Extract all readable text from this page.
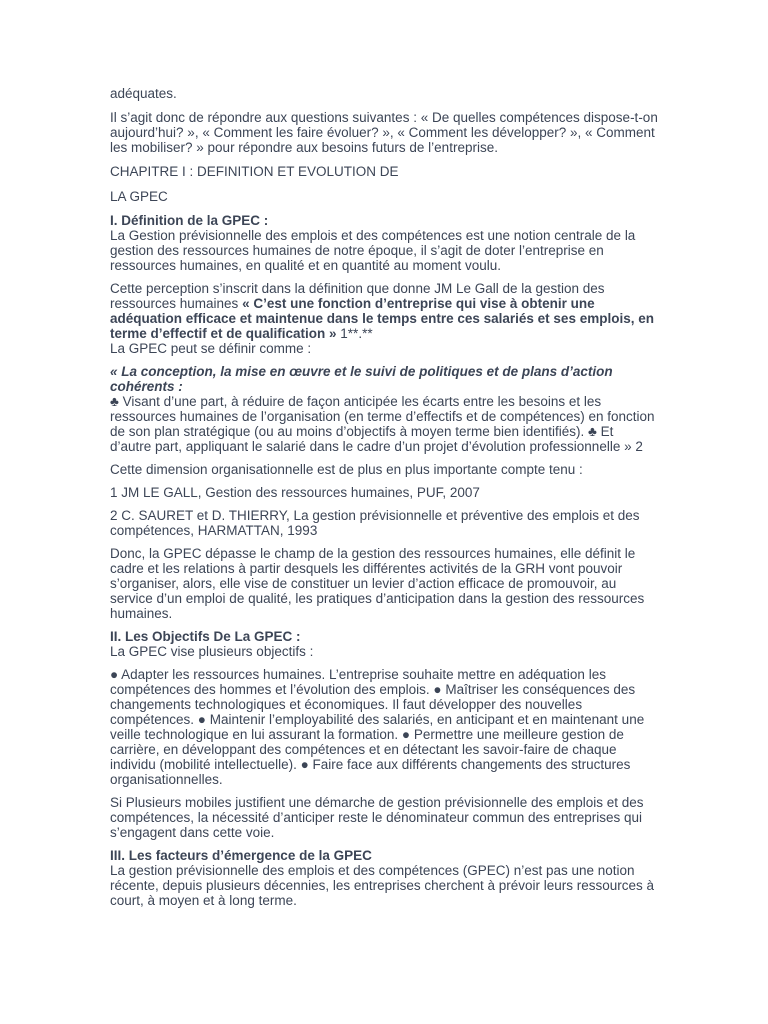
adéquates.

Il s’agit donc de répondre aux questions suivantes : « De quelles compétences dispose-t-on aujourd’hui? », « Comment les faire évoluer? », « Comment les développer? », « Comment les mobiliser? » pour répondre aux besoins futurs de l’entreprise.

CHAPITRE I : DEFINITION ET EVOLUTION DE

LA GPEC

I. Définition de la GPEC :

La Gestion prévisionnelle des emplois et des compétences est une notion centrale de la gestion des ressources humaines de notre époque, il s’agit de doter l’entreprise en ressources humaines, en qualité et en quantité au moment voulu.

Cette perception s’inscrit dans la définition que donne JM Le Gall de la gestion des ressources humaines « C’est une fonction d’entreprise qui vise à obtenir une adéquation efficace et maintenue dans le temps entre ces salariés et ses emplois, en terme d’effectif et de qualification » 1**.**

La GPEC peut se définir comme :

« La conception, la mise en œuvre et le suivi de politiques et de plans d’action cohérents :

♣ Visant d’une part, à réduire de façon anticipée les écarts entre les besoins et les ressources humaines de l’organisation (en terme d’effectifs et de compétences) en fonction de son plan stratégique (ou au moins d’objectifs à moyen terme bien identifiés). ♣ Et d’autre part, appliquant le salarié dans le cadre d’un projet d’évolution professionnelle » 2

Cette dimension organisationnelle est de plus en plus importante compte tenu :

1 JM LE GALL, Gestion des ressources humaines, PUF, 2007

2 C. SAURET et D. THIERRY, La gestion prévisionnelle et préventive des emplois et des compétences, HARMATTAN, 1993

Donc, la GPEC dépasse le champ de la gestion des ressources humaines, elle définit le cadre et les relations à partir desquels les différentes activités de la GRH vont pouvoir s’organiser, alors, elle vise de constituer un levier d’action efficace de promouvoir, au service d’un emploi de qualité, les pratiques d’anticipation dans la gestion des ressources humaines.

II. Les Objectifs De La GPEC :

La GPEC vise plusieurs objectifs :

● Adapter les ressources humaines. L’entreprise souhaite mettre en adéquation les compétences des hommes et l’évolution des emplois. ● Maîtriser les conséquences des changements technologiques et économiques. Il faut développer des nouvelles compétences. ● Maintenir l’employabilité des salariés, en anticipant et en maintenant une veille technologique en lui assurant la formation. ● Permettre une meilleure gestion de carrière, en développant des compétences et en détectant les savoir-faire de chaque individu (mobilité intellectuelle). ● Faire face aux différents changements des structures organisationnelles.

Si Plusieurs mobiles justifient une démarche de gestion prévisionnelle des emplois et des compétences, la nécessité d’anticiper reste le dénominateur commun des entreprises qui s’engagent dans cette voie.

III. Les facteurs d’émergence de la GPEC

La gestion prévisionnelle des emplois et des compétences (GPEC) n’est pas une notion récente, depuis plusieurs décennies, les entreprises cherchent à prévoir leurs ressources à court, à moyen et à long terme.
